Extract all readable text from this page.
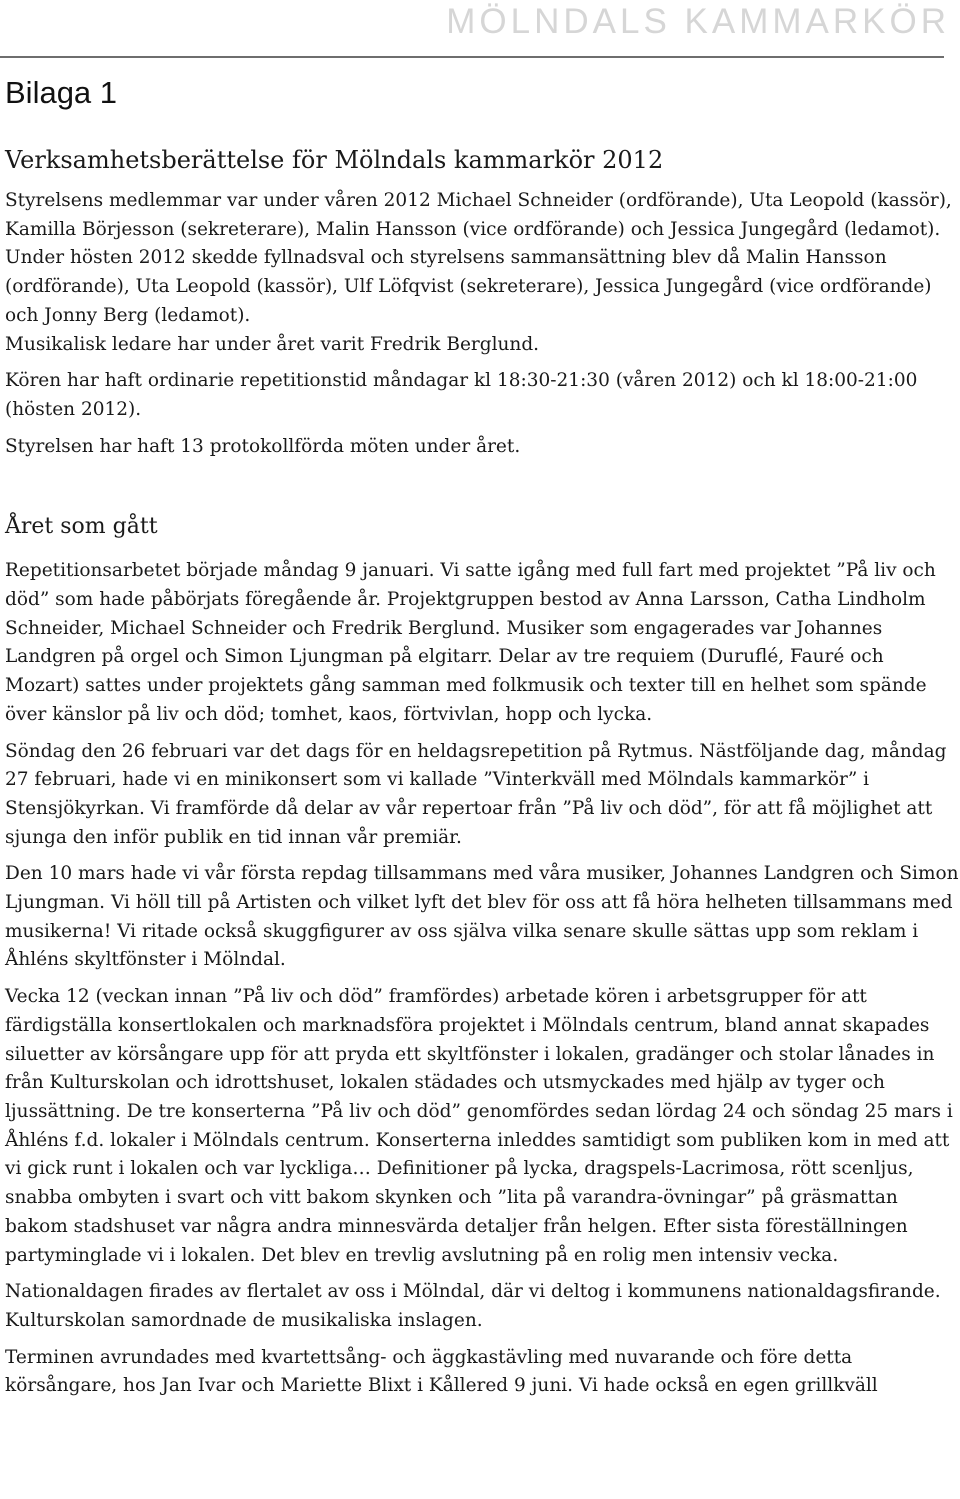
MÖLNDALS KAMMARKÖR
Bilaga 1
Verksamhetsberättelse för Mölndals kammarkör 2012

Styrelsens medlemmar var under våren 2012 Michael Schneider (ordförande), Uta Leopold (kassör), Kamilla Börjesson (sekreterare), Malin Hansson (vice ordförande) och Jessica Jungegård (ledamot).

Under hösten 2012 skedde fyllnadsval och styrelsens sammansättning blev då Malin Hansson (ordförande), Uta Leopold (kassör), Ulf Löfqvist (sekreterare), Jessica Jungegård (vice ordförande) och Jonny Berg (ledamot).

Musikalisk ledare har under året varit Fredrik Berglund.

Kören har haft ordinarie repetitionstid måndagar kl 18:30-21:30 (våren 2012) och kl 18:00-21:00 (hösten 2012).

Styrelsen har haft 13 protokollförda möten under året.

Året som gått

Repetitionsarbetet började måndag 9 januari. Vi satte igång med full fart med projektet ”På liv och död” som hade påbörjats föregående år. Projektgruppen bestod av Anna Larsson, Catha Lindholm Schneider, Michael Schneider och Fredrik Berglund. Musiker som engagerades var Johannes Landgren på orgel och Simon Ljungman på elgitarr. Delar av tre requiem (Duruflé, Fauré och Mozart) sattes under projektets gång samman med folkmusik och texter till en helhet som spände över känslor på liv och död; tomhet, kaos, förtvivlan, hopp och lycka.

Söndag den 26 februari var det dags för en heldagsrepetition på Rytmus. Nästföljande dag, måndag 27 februari, hade vi en minikonsert som vi kallade ”Vinterkväll med Mölndals kammarkör” i Stensjökyrkan. Vi framförde då delar av vår repertoar från ”På liv och död”, för att få möjlighet att sjunga den inför publik en tid innan vår premiär.

Den 10 mars hade vi vår första repdag tillsammans med våra musiker, Johannes Landgren och Simon Ljungman. Vi höll till på Artisten och vilket lyft det blev för oss att få höra helheten tillsammans med musikerna! Vi ritade också skuggfigurer av oss själva vilka senare skulle sättas upp som reklam i Åhléns skyltfönster i Mölndal.

Vecka 12 (veckan innan ”På liv och död” framfördes) arbetade kören i arbetsgrupper för att färdigställa konsertlokalen och marknadsföra projektet i Mölndals centrum, bland annat skapades siluetter av körsångare upp för att pryda ett skyltfönster i lokalen, gradänger och stolar lånades in från Kulturskolan och idrottshuset, lokalen städades och utsmyckades med hjälp av tyger och ljussättning. De tre konserterna ”På liv och död” genomfördes sedan lördag 24 och söndag 25 mars i Åhléns f.d. lokaler i Mölndals centrum. Konserterna inleddes samtidigt som publiken kom in med att vi gick runt i lokalen och var lyckliga… Definitioner på lycka, dragspels-Lacrimosa, rött scenljus, snabba ombyten i svart och vitt bakom skynken och ”lita på varandra-övningar” på gräsmattan bakom stadshuset var några andra minnesvärda detaljer från helgen. Efter sista föreställningen partyminglade vi i lokalen. Det blev en trevlig avslutning på en rolig men intensiv vecka.

Nationaldagen firades av flertalet av oss i Mölndal, där vi deltog i kommunens nationaldagsfirande. Kulturskolan samordnade de musikaliska inslagen.

Terminen avrundades med kvartettsång- och äggkastävling med nuvarande och före detta körsångare, hos Jan Ivar och Mariette Blixt i Kållered 9 juni. Vi hade också en egen grillkväll
